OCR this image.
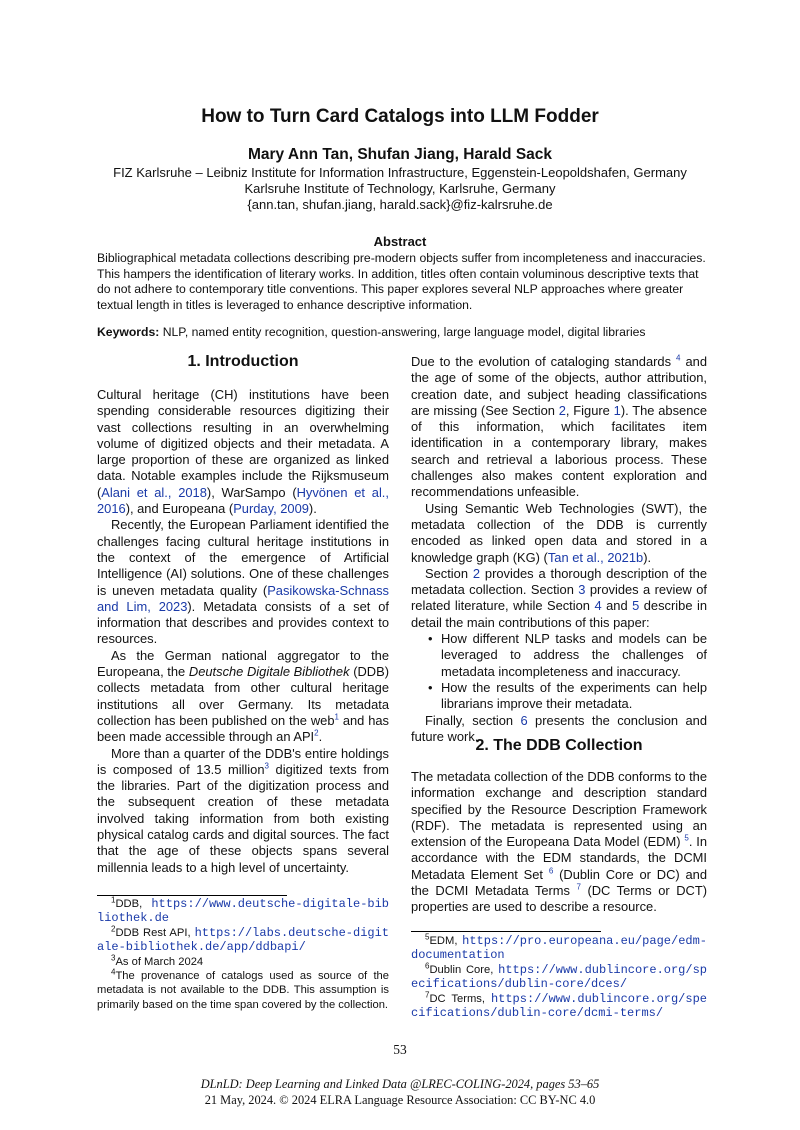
How to Turn Card Catalogs into LLM Fodder
Mary Ann Tan, Shufan Jiang, Harald Sack
FIZ Karlsruhe – Leibniz Institute for Information Infrastructure, Eggenstein-Leopoldshafen, Germany
Karlsruhe Institute of Technology, Karlsruhe, Germany
{ann.tan, shufan.jiang, harald.sack}@fiz-kalrsruhe.de
Abstract
Bibliographical metadata collections describing pre-modern objects suffer from incompleteness and inaccuracies. This hampers the identification of literary works. In addition, titles often contain voluminous descriptive texts that do not adhere to contemporary title conventions. This paper explores several NLP approaches where greater textual length in titles is leveraged to enhance descriptive information.
Keywords: NLP, named entity recognition, question-answering, large language model, digital libraries
1. Introduction

Cultural heritage (CH) institutions have been spending considerable resources digitizing their vast collections resulting in an overwhelming volume of digitized objects and their metadata. A large proportion of these are organized as linked data. Notable examples include the Rijksmuseum (Alani et al., 2018), WarSampo (Hyvönen et al., 2016), and Europeana (Purday, 2009).

Recently, the European Parliament identified the challenges facing cultural heritage institutions in the context of the emergence of Artificial Intelligence (AI) solutions. One of these challenges is uneven metadata quality (Pasikowska-Schnass and Lim, 2023). Metadata consists of a set of information that describes and provides context to resources.

As the German national aggregator to the Europeana, the Deutsche Digitale Bibliothek (DDB) collects metadata from other cultural heritage institutions all over Germany. Its metadata collection has been published on the web$^1$ and has been made accessible through an API$^2$.

More than a quarter of the DDB's entire holdings is composed of 13.5 million$^3$ digitized texts from the libraries. Part of the digitization process and the subsequent creation of these metadata involved taking information from both existing physical catalog cards and digital sources. The fact that the age of these objects spans several millennia leads to a high level of uncertainty.

Due to the evolution of cataloging standards $^4$ and the age of some of the objects, author attribution, creation date, and subject heading classifications are missing (See Section 2, Figure 1). The absence of this information, which facilitates item identification in a contemporary library, makes search and retrieval a laborious process. These challenges also makes content exploration and recommendations unfeasible.

Using Semantic Web Technologies (SWT), the metadata collection of the DDB is currently encoded as linked open data and stored in a knowledge graph (KG) (Tan et al., 2021b).

Section 2 provides a thorough description of the metadata collection. Section 3 provides a review of related literature, while Section 4 and 5 describe in detail the main contributions of this paper:

• How different NLP tasks and models can be leveraged to address the challenges of metadata incompleteness and inaccuracy.
• How the results of the experiments can help librarians improve their metadata.

Finally, section 6 presents the conclusion and future work.

$^1$DDB, https://www.deutsche-digitale-bibliothek.de

$^2$DDB Rest API, https://labs.deutsche-digitale-bibliothek.de/app/ddbapi/

$^3$As of March 2024

$^4$The provenance of catalogs used as source of the metadata is not available to the DDB. This assumption is primarily based on the time span covered by the collection.

$^5$EDM, https://pro.europeana.eu/page/edm-documentation

$^6$Dublin Core, https://www.dublincore.org/specifications/dublin-core/dces/

$^7$DC Terms, https://www.dublincore.org/specifications/dublin-core/dcmi-terms/

2. The DDB Collection

The metadata collection of the DDB conforms to the information exchange and description standard specified by the Resource Description Framework (RDF). The metadata is represented using an extension of the Europeana Data Model (EDM) $^5$. In accordance with the EDM standards, the DCMI Metadata Element Set $^6$ (Dublin Core or DC) and the DCMI Metadata Terms $^7$ (DC Terms or DCT) properties are used to describe a resource.

53
DLnLD: Deep Learning and Linked Data @LREC-COLING-2024, pages 53–65
21 May, 2024. © 2024 ELRA Language Resource Association: CC BY-NC 4.0
